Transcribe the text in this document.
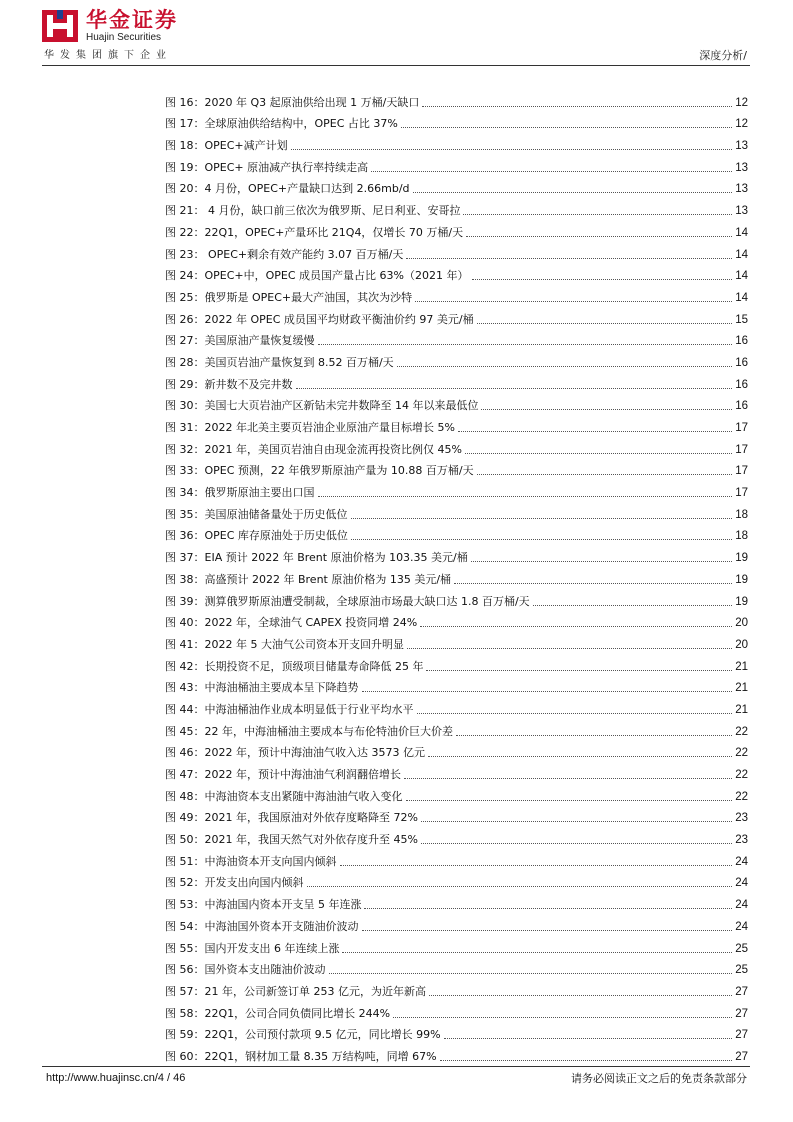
华金证券
Huajin Securities
华发集团旗下企业	深度分析/
图 16：2020 年 Q3 起原油供给出现 1 万桶/天缺口	12
图 17：全球原油供给结构中，OPEC 占比 37%	12
图 18：OPEC+减产计划	13
图 19：OPEC+ 原油减产执行率持续走高	13
图 20：4 月份，OPEC+产量缺口达到 2.66mb/d	13
图 21： 4 月份，缺口前三依次为俄罗斯、尼日利亚、安哥拉	13
图 22：22Q1，OPEC+产量环比 21Q4，仅增长 70 万桶/天	14
图 23： OPEC+剩余有效产能约 3.07 百万桶/天	14
图 24：OPEC+中，OPEC 成员国产量占比 63%（2021 年）	14
图 25：俄罗斯是 OPEC+最大产油国，其次为沙特	14
图 26：2022 年 OPEC 成员国平均财政平衡油价约 97 美元/桶	15
图 27：美国原油产量恢复缓慢	16
图 28：美国页岩油产量恢复到 8.52 百万桶/天	16
图 29：新井数不及完井数	16
图 30：美国七大页岩油产区新钻未完井数降至 14 年以来最低位	16
图 31：2022 年北美主要页岩油企业原油产量目标增长 5%	17
图 32：2021 年，美国页岩油自由现金流再投资比例仅 45%	17
图 33：OPEC 预测，22 年俄罗斯原油产量为 10.88 百万桶/天	17
图 34：俄罗斯原油主要出口国	17
图 35：美国原油储备量处于历史低位	18
图 36：OPEC 库存原油处于历史低位	18
图 37：EIA 预计 2022 年 Brent 原油价格为 103.35 美元/桶	19
图 38：高盛预计 2022 年 Brent 原油价格为 135 美元/桶	19
图 39：测算俄罗斯原油遭受制裁，全球原油市场最大缺口达 1.8 百万桶/天	19
图 40：2022 年，全球油气 CAPEX 投资同增 24%	20
图 41：2022 年 5 大油气公司资本开支回升明显	20
图 42：长期投资不足，顶级项目储量寿命降低 25 年	21
图 43：中海油桶油主要成本呈下降趋势	21
图 44：中海油桶油作业成本明显低于行业平均水平	21
图 45：22 年，中海油桶油主要成本与布伦特油价巨大价差	22
图 46：2022 年，预计中海油油气收入达 3573 亿元	22
图 47：2022 年，预计中海油油气利润翻倍增长	22
图 48：中海油资本支出紧随中海油油气收入变化	22
图 49：2021 年，我国原油对外依存度略降至 72%	23
图 50：2021 年，我国天然气对外依存度升至 45%	23
图 51：中海油资本开支向国内倾斜	24
图 52：开发支出向国内倾斜	24
图 53：中海油国内资本开支呈 5 年连涨	24
图 54：中海油国外资本开支随油价波动	24
图 55：国内开发支出 6 年连续上涨	25
图 56：国外资本支出随油价波动	25
图 57：21 年，公司新签订单 253 亿元，为近年新高	27
图 58：22Q1，公司合同负债同比增长 244%	27
图 59：22Q1，公司预付款项 9.5 亿元，同比增长 99%	27
图 60：22Q1，钢材加工量 8.35 万结构吨，同增 67%	27
http://www.huajinsc.cn/4 / 46	请务必阅读正文之后的免责条款部分
